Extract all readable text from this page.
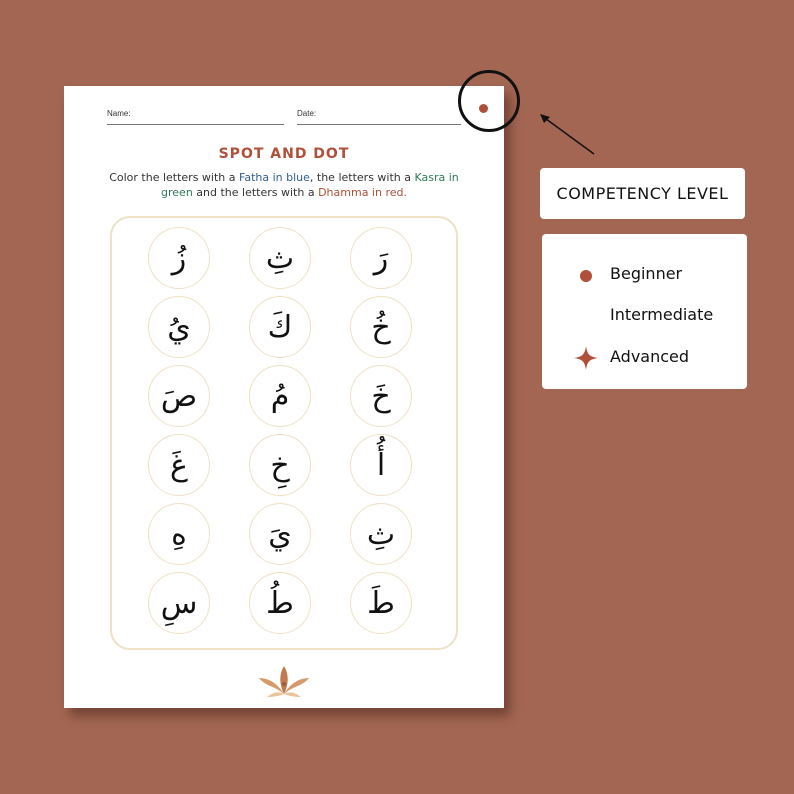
Name:	Date:
SPOT AND DOT
Color the letters with a Fatha in blue, the letters with a Kasra in green and the letters with a Dhamma in red.
زُ	ثِ	رَ
يُ	كَ	خُ
صَ	مُ	خَ
غَ	خِ	أُ
هِ	يَ	ثِ
سِ	طُ	طَ
COMPETENCY LEVEL
Beginner
Intermediate
Advanced
